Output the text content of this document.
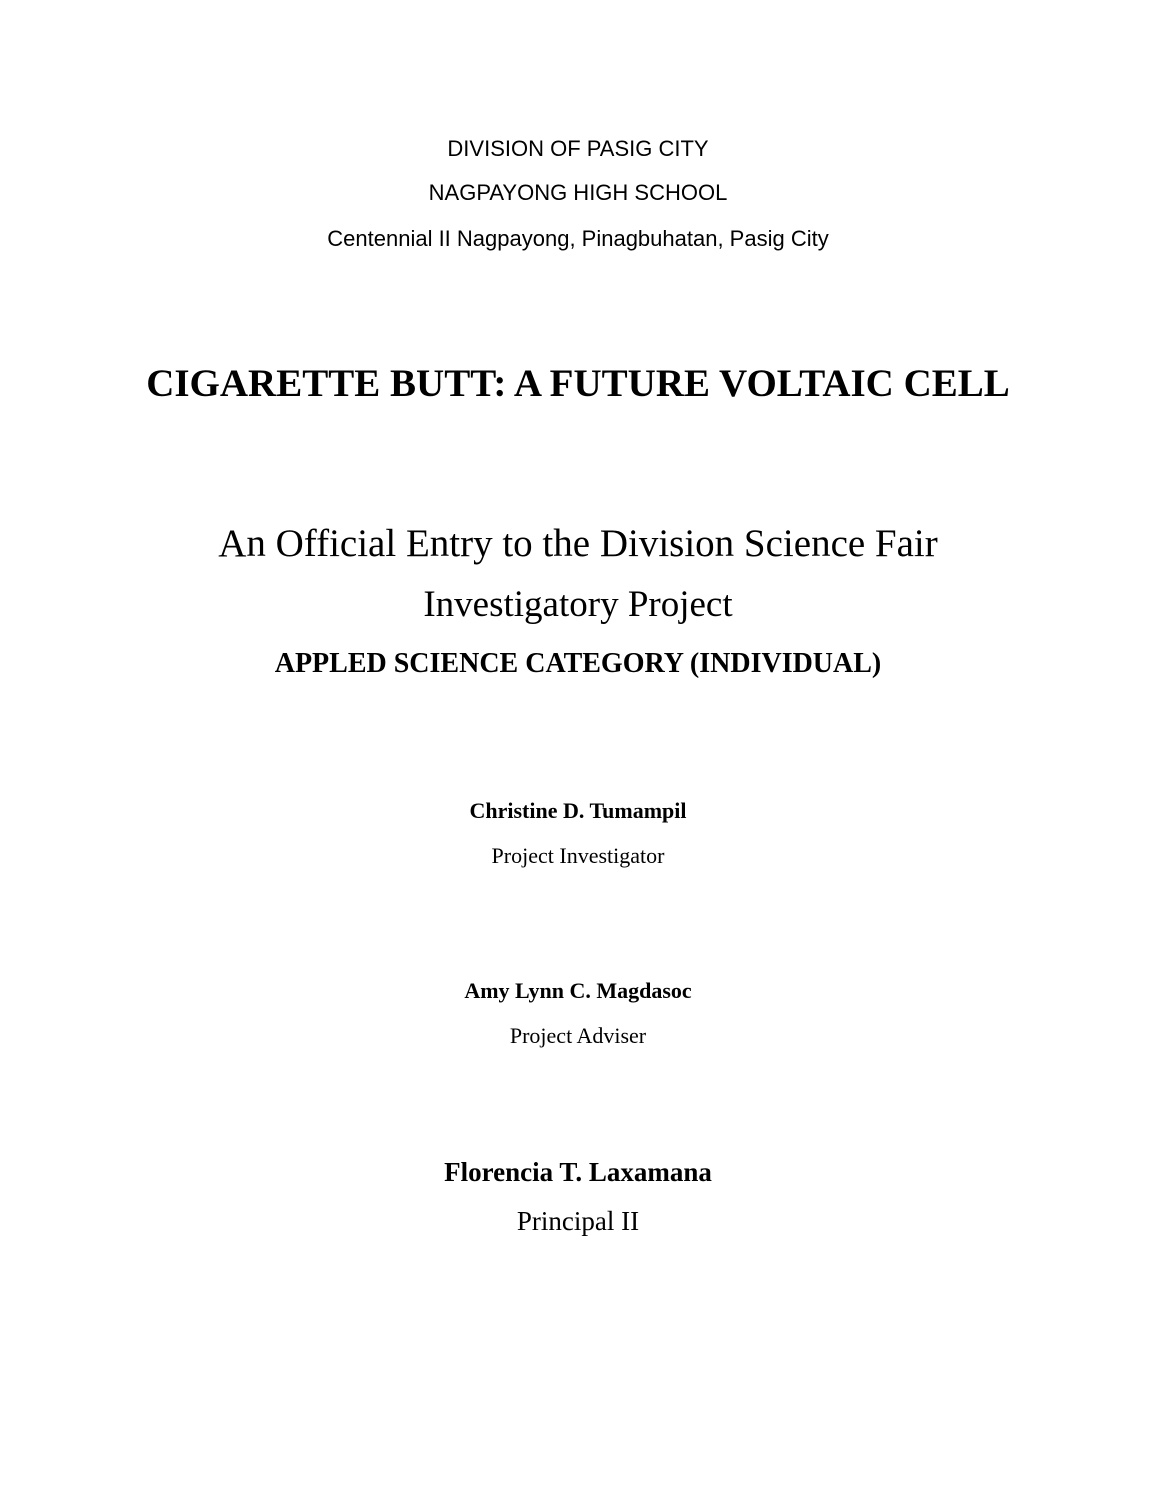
DIVISION OF PASIG CITY

NAGPAYONG HIGH SCHOOL

Centennial II Nagpayong, Pinagbuhatan, Pasig City

CIGARETTE BUTT: A FUTURE VOLTAIC CELL

An Official Entry to the Division Science Fair

Investigatory Project

APPLED SCIENCE CATEGORY (INDIVIDUAL)

Christine D. Tumampil

Project Investigator

Amy Lynn C. Magdasoc

Project Adviser

Florencia T. Laxamana

Principal II
